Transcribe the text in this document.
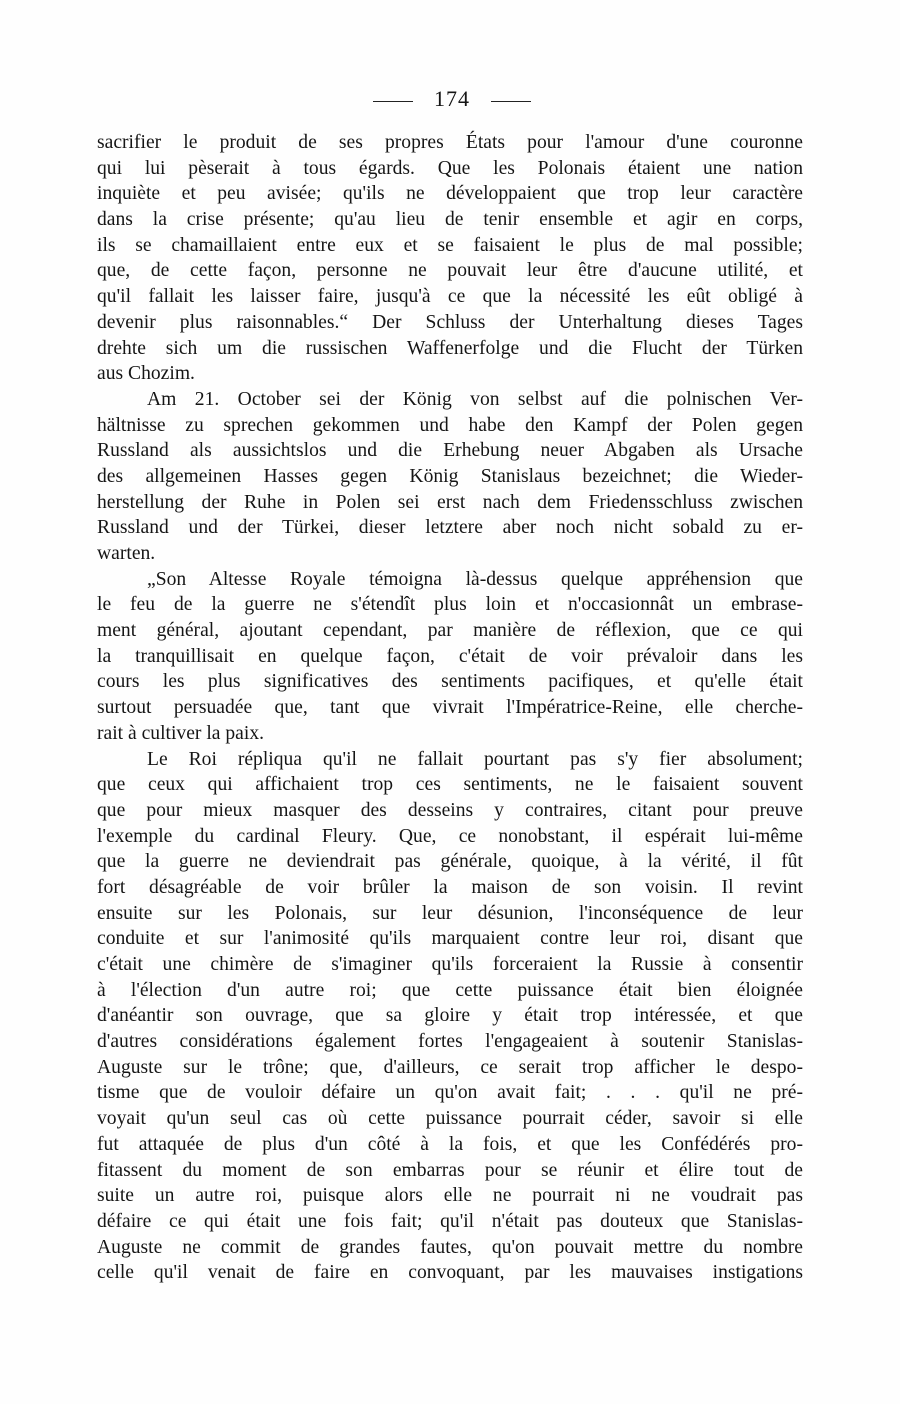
174
sacrifier le produit de ses propres États pour l'amour d'une couronne
qui lui pèserait à tous égards. Que les Polonais étaient une nation
inquiète et peu avisée; qu'ils ne développaient que trop leur caractère
dans la crise présente; qu'au lieu de tenir ensemble et agir en corps,
ils se chamaillaient entre eux et se faisaient le plus de mal possible;
que, de cette façon, personne ne pouvait leur être d'aucune utilité, et
qu'il fallait les laisser faire, jusqu'à ce que la nécessité les eût obligé à
devenir plus raisonnables.“ Der Schluss der Unterhaltung dieses Tages
drehte sich um die russischen Waffenerfolge und die Flucht der Türken
aus Chozim.
Am 21. October sei der König von selbst auf die polnischen Ver-
hältnisse zu sprechen gekommen und habe den Kampf der Polen gegen
Russland als aussichtslos und die Erhebung neuer Abgaben als Ursache
des allgemeinen Hasses gegen König Stanislaus bezeichnet; die Wieder-
herstellung der Ruhe in Polen sei erst nach dem Friedensschluss zwischen
Russland und der Türkei, dieser letztere aber noch nicht sobald zu er-
warten.
„Son Altesse Royale témoigna là-dessus quelque appréhension que
le feu de la guerre ne s'étendît plus loin et n'occasionnât un embrase-
ment général, ajoutant cependant, par manière de réflexion, que ce qui
la tranquillisait en quelque façon, c'était de voir prévaloir dans les
cours les plus significatives des sentiments pacifiques, et qu'elle était
surtout persuadée que, tant que vivrait l'Impératrice-Reine, elle cherche-
rait à cultiver la paix.
Le Roi répliqua qu'il ne fallait pourtant pas s'y fier absolument;
que ceux qui affichaient trop ces sentiments, ne le faisaient souvent
que pour mieux masquer des desseins y contraires, citant pour preuve
l'exemple du cardinal Fleury. Que, ce nonobstant, il espérait lui-même
que la guerre ne deviendrait pas générale, quoique, à la vérité, il fût
fort désagréable de voir brûler la maison de son voisin. Il revint
ensuite sur les Polonais, sur leur désunion, l'inconséquence de leur
conduite et sur l'animosité qu'ils marquaient contre leur roi, disant que
c'était une chimère de s'imaginer qu'ils forceraient la Russie à consentir
à l'élection d'un autre roi; que cette puissance était bien éloignée
d'anéantir son ouvrage, que sa gloire y était trop intéressée, et que
d'autres considérations également fortes l'engageaient à soutenir Stanislas-
Auguste sur le trône; que, d'ailleurs, ce serait trop afficher le despo-
tisme que de vouloir défaire un qu'on avait fait; . . . qu'il ne pré-
voyait qu'un seul cas où cette puissance pourrait céder, savoir si elle
fut attaquée de plus d'un côté à la fois, et que les Confédérés pro-
fitassent du moment de son embarras pour se réunir et élire tout de
suite un autre roi, puisque alors elle ne pourrait ni ne voudrait pas
défaire ce qui était une fois fait; qu'il n'était pas douteux que Stanislas-
Auguste ne commit de grandes fautes, qu'on pouvait mettre du nombre
celle qu'il venait de faire en convoquant, par les mauvaises instigations
